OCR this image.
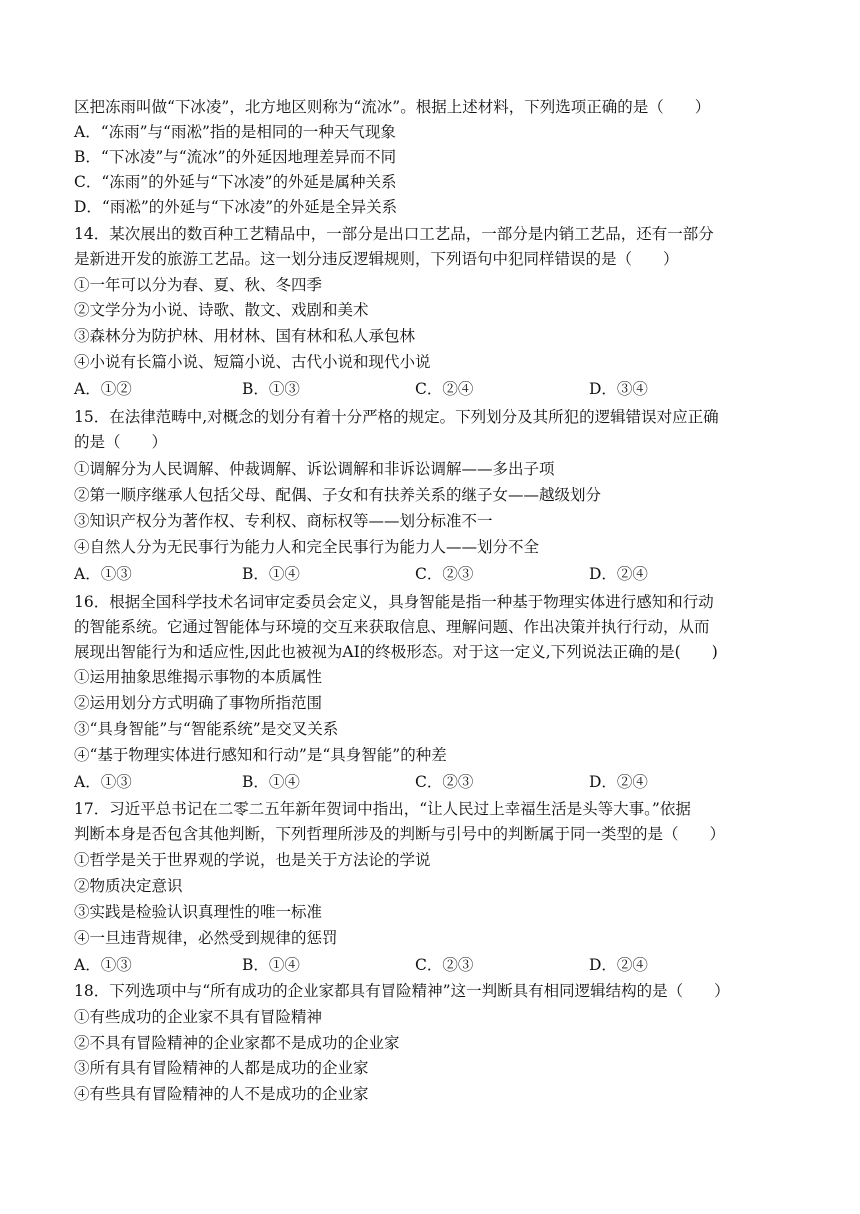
区把冻雨叫做“下冰凌”，北方地区则称为“流冰”。根据上述材料，下列选项正确的是（　　）
A．“冻雨”与“雨凇”指的是相同的一种天气现象
B．“下冰凌”与“流冰”的外延因地理差异而不同
C．“冻雨”的外延与“下冰凌”的外延是属种关系
D．“雨凇”的外延与“下冰凌”的外延是全异关系
14．某次展出的数百种工艺精品中，一部分是出口工艺品，一部分是内销工艺品，还有一部分
是新进开发的旅游工艺品。这一划分违反逻辑规则，下列语句中犯同样错误的是（　　）
①一年可以分为春、夏、秋、冬四季
②文学分为小说、诗歌、散文、戏剧和美术
③森林分为防护林、用材林、国有林和私人承包林
④小说有长篇小说、短篇小说、古代小说和现代小说
A．①②	B．①③	C．②④	D．③④
15．在法律范畴中,对概念的划分有着十分严格的规定。下列划分及其所犯的逻辑错误对应正确
的是（　　）
①调解分为人民调解、仲裁调解、诉讼调解和非诉讼调解——多出子项
②第一顺序继承人包括父母、配偶、子女和有扶养关系的继子女——越级划分
③知识产权分为著作权、专利权、商标权等——划分标准不一
④自然人分为无民事行为能力人和完全民事行为能力人——划分不全
A．①③	B．①④	C．②③	D．②④
16．根据全国科学技术名词审定委员会定义，具身智能是指一种基于物理实体进行感知和行动
的智能系统。它通过智能体与环境的交互来获取信息、理解问题、作出决策并执行行动，从而
展现出智能行为和适应性,因此也被视为AI的终极形态。对于这一定义,下列说法正确的是(　　)
①运用抽象思维揭示事物的本质属性
②运用划分方式明确了事物所指范围
③“具身智能”与“智能系统”是交叉关系
④“基于物理实体进行感知和行动”是“具身智能”的种差
A．①③	B．①④	C．②③	D．②④
17．习近平总书记在二零二五年新年贺词中指出，“让人民过上幸福生活是头等大事。”依据
判断本身是否包含其他判断，下列哲理所涉及的判断与引号中的判断属于同一类型的是（　　）
①哲学是关于世界观的学说，也是关于方法论的学说
②物质决定意识
③实践是检验认识真理性的唯一标准
④一旦违背规律，必然受到规律的惩罚
A．①③	B．①④	C．②③	D．②④
18．下列选项中与“所有成功的企业家都具有冒险精神”这一判断具有相同逻辑结构的是（　　）
①有些成功的企业家不具有冒险精神
②不具有冒险精神的企业家都不是成功的企业家
③所有具有冒险精神的人都是成功的企业家
④有些具有冒险精神的人不是成功的企业家
